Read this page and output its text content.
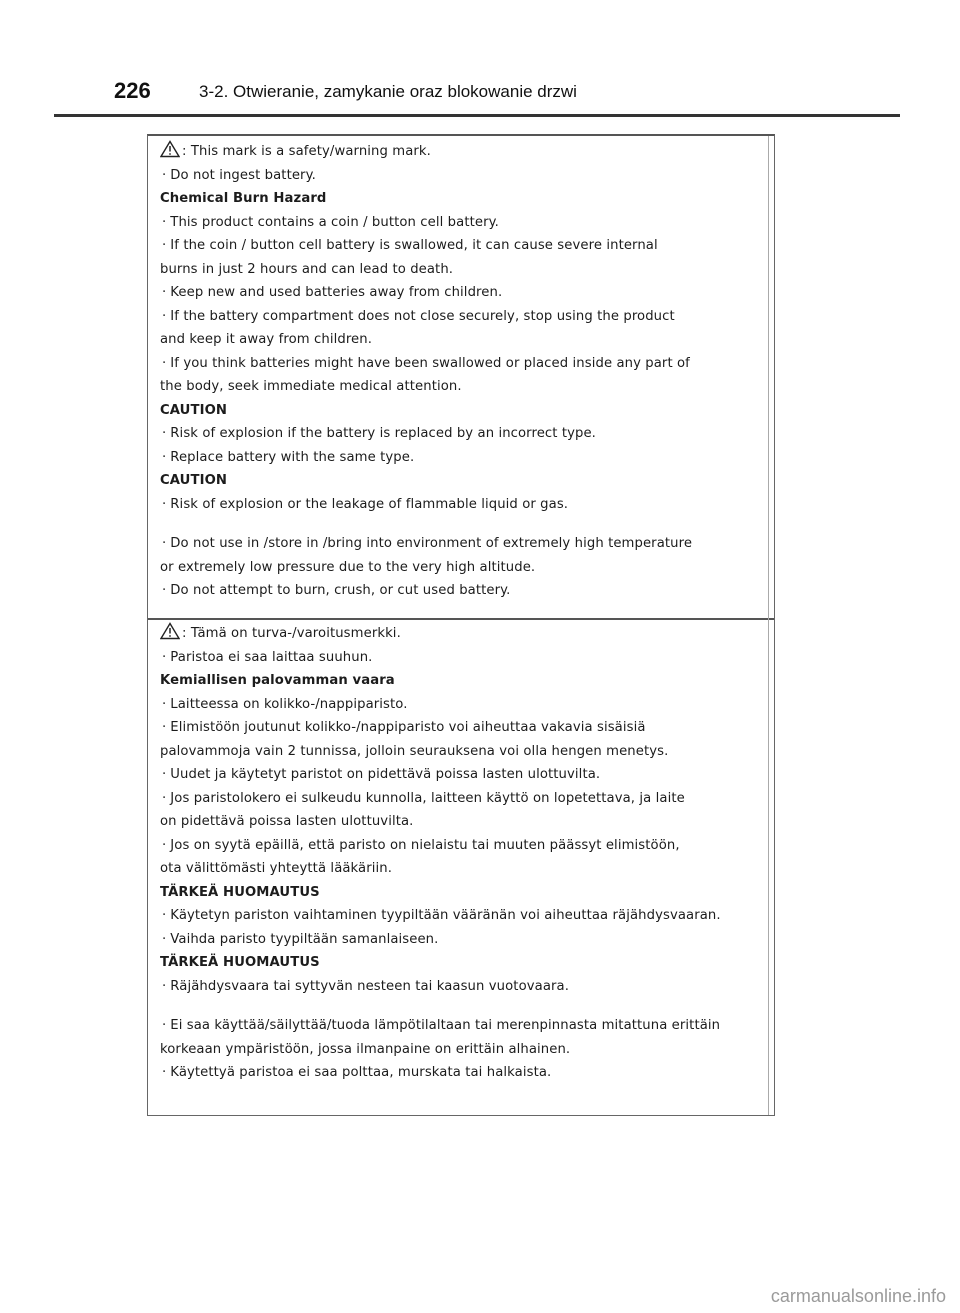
226	3-2. Otwieranie, zamykanie oraz blokowanie drzwi
: This mark is a safety/warning mark.
· Do not ingest battery.
Chemical Burn Hazard
· This product contains a coin / button cell battery.
· If the coin / button cell battery is swallowed, it can cause severe internal
burns in just 2 hours and can lead to death.
· Keep new and used batteries away from children.
· If the battery compartment does not close securely, stop using the product
and keep it away from children.
· If you think batteries might have been swallowed or placed inside any part of
the body, seek immediate medical attention.
CAUTION
· Risk of explosion if the battery is replaced by an incorrect type.
· Replace battery with the same type.
CAUTION
· Risk of explosion or the leakage of flammable liquid or gas.
· Do not use in /store in /bring into environment of extremely high temperature
or extremely low pressure due to the very high altitude.
· Do not attempt to burn, crush, or cut used battery.
: Tämä on turva-/varoitusmerkki.
· Paristoa ei saa laittaa suuhun.
Kemiallisen palovamman vaara
· Laitteessa on kolikko-/nappiparisto.
· Elimistöön joutunut kolikko-/nappiparisto voi aiheuttaa vakavia sisäisiä
palovammoja vain 2 tunnissa, jolloin seurauksena voi olla hengen menetys.
· Uudet ja käytetyt paristot on pidettävä poissa lasten ulottuvilta.
· Jos paristolokero ei sulkeudu kunnolla, laitteen käyttö on lopetettava, ja laite
on pidettävä poissa lasten ulottuvilta.
· Jos on syytä epäillä, että paristo on nielaistu tai muuten päässyt elimistöön,
ota välittömästi yhteyttä lääkäriin.
TÄRKEÄ HUOMAUTUS
· Käytetyn pariston vaihtaminen tyypiltään vääränän voi aiheuttaa räjähdysvaaran.
· Vaihda paristo tyypiltään samanlaiseen.
TÄRKEÄ HUOMAUTUS
· Räjähdysvaara tai syttyvän nesteen tai kaasun vuotovaara.
· Ei saa käyttää/säilyttää/tuoda lämpötilaltaan tai merenpinnasta mitattuna erittäin
korkeaan ympäristöön, jossa ilmanpaine on erittäin alhainen.
· Käytettyä paristoa ei saa polttaa, murskata tai halkaista.
carmanualsonline.info
